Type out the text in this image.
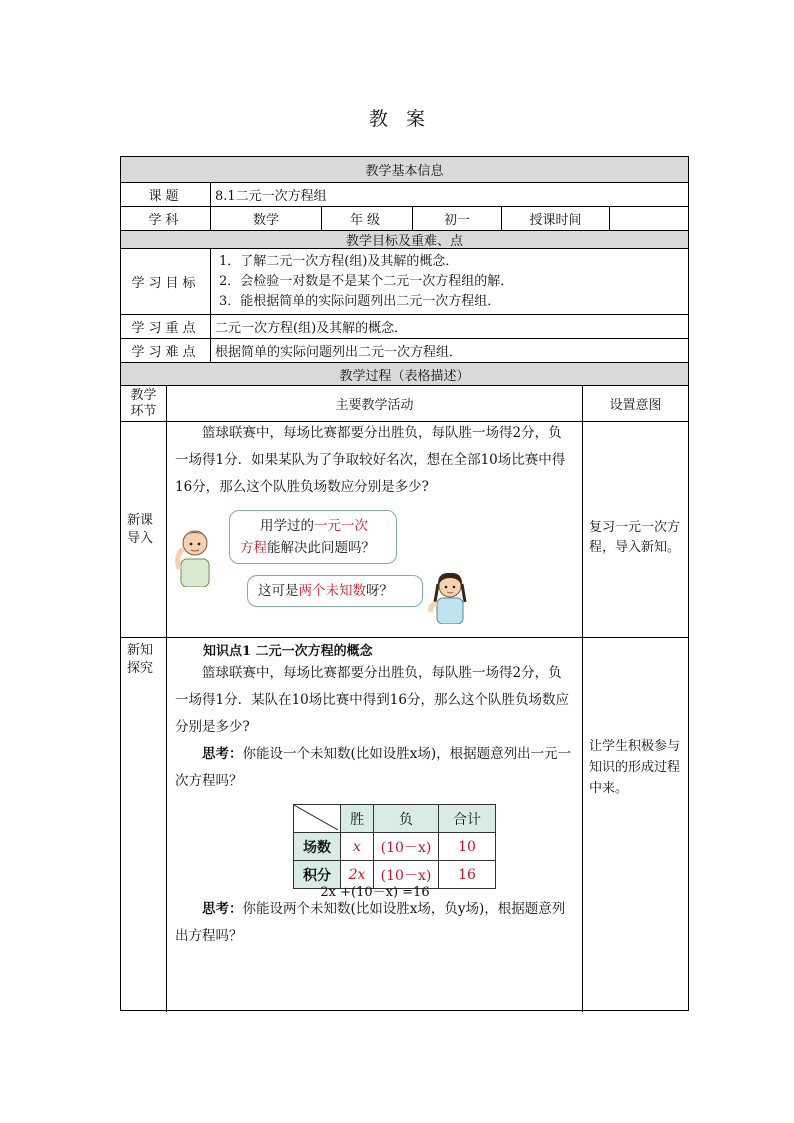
教案
教学基本信息
课题	8.1二元一次方程组
学科	数学	年级	初一	授课时间
教学目标及重难、点
学习目标
1．了解二元一次方程(组)及其解的概念．
2．会检验一对数是不是某个二元一次方程组的解．
3．能根据简单的实际问题列出二元一次方程组．
学习重点	二元一次方程(组)及其解的概念．
学习难点	根据简单的实际问题列出二元一次方程组．
教学过程（表格描述）
教学环节	主要教学活动	设置意图
新课导入
篮球联赛中，每场比赛都要分出胜负，每队胜一场得2分，负一场得1分．如果某队为了争取较好名次，想在全部10场比赛中得16分，那么这个队胜负场数应分别是多少?
用学过的一元一次
方程能解决此问题吗？
这可是两个未知数呀？
复习一元一次方程，导入新知。
新知探究
知识点1 二元一次方程的概念
篮球联赛中，每场比赛都要分出胜负，每队胜一场得2分，负一场得1分．某队在10场比赛中得到16分，那么这个队胜负场数应分别是多少?
思考：你能设一个未知数(比如设胜x场)，根据题意列出一元一次方程吗？
	胜	负	合计
场数	x	(10－x)	10
积分	2x	(10－x)	16
2x +(10－x) =16
思考：你能设两个未知数(比如设胜x场，负y场)，根据题意列出方程吗？
让学生积极参与知识的形成过程中来。
